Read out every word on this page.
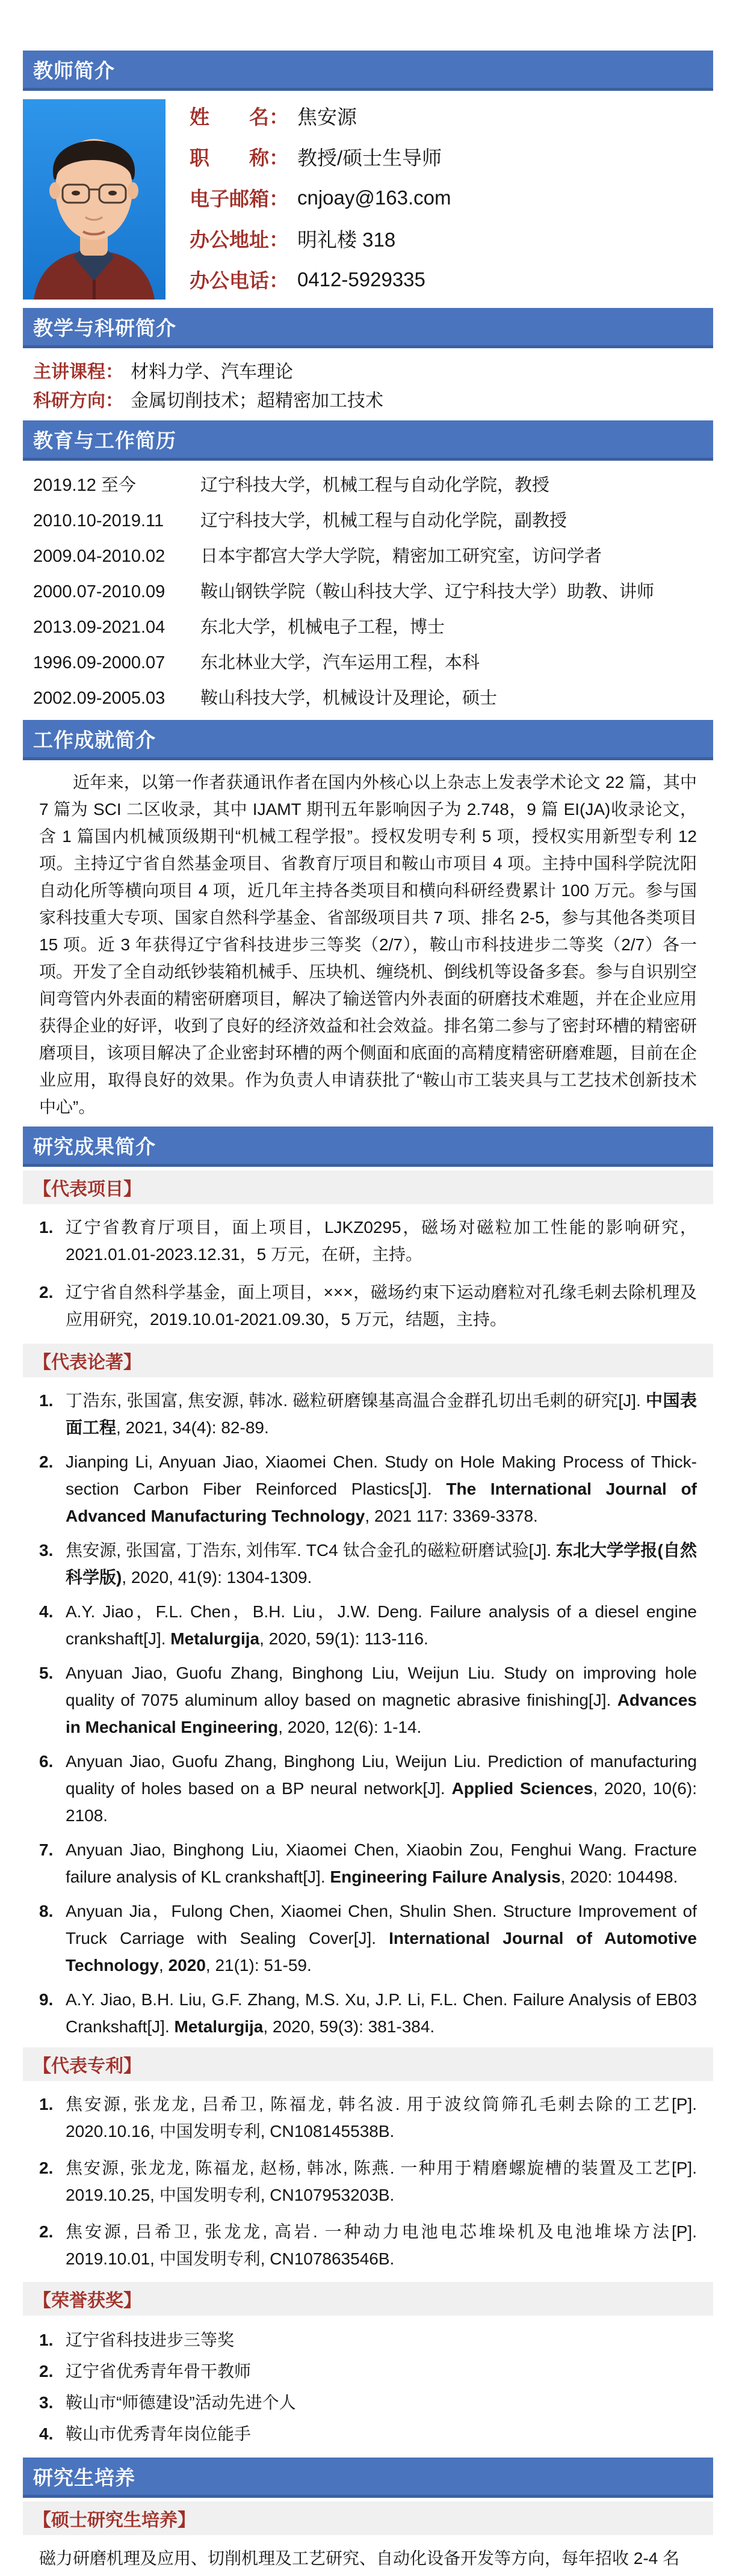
教师简介
姓　　名： 焦安源
职　　称： 教授/硕士生导师
电子邮箱： cnjoay@163.com
办公地址： 明礼楼 318
办公电话： 0412-5929335
教学与科研简介
主讲课程： 材料力学、汽车理论
科研方向： 金属切削技术；超精密加工技术
教育与工作简历
2019.12 至今	辽宁科技大学，机械工程与自动化学院，教授
2010.10-2019.11	辽宁科技大学，机械工程与自动化学院，副教授
2009.04-2010.02	日本宇都宫大学大学院，精密加工研究室，访问学者
2000.07-2010.09	鞍山钢铁学院（鞍山科技大学、辽宁科技大学）助教、讲师
2013.09-2021.04	东北大学，机械电子工程，博士
1996.09-2000.07	东北林业大学，汽车运用工程，本科
2002.09-2005.03	鞍山科技大学，机械设计及理论，硕士
工作成就简介

近年来，以第一作者获通讯作者在国内外核心以上杂志上发表学术论文 22 篇，其中 7 篇为 SCI 二区收录，其中 IJAMT 期刊五年影响因子为 2.748，9 篇 EI(JA)收录论文，含 1 篇国内机械顶级期刊“机械工程学报”。授权发明专利 5 项，授权实用新型专利 12 项。主持辽宁省自然基金项目、省教育厅项目和鞍山市项目 4 项。主持中国科学院沈阳自动化所等横向项目 4 项，近几年主持各类项目和横向科研经费累计 100 万元。参与国家科技重大专项、国家自然科学基金、省部级项目共 7 项、排名 2-5，参与其他各类项目 15 项。近 3 年获得辽宁省科技进步三等奖（2/7），鞍山市科技进步二等奖（2/7）各一项。开发了全自动纸钞装箱机械手、压块机、缠绕机、倒线机等设备多套。参与自识别空间弯管内外表面的精密研磨项目，解决了输送管内外表面的研磨技术难题，并在企业应用获得企业的好评，收到了良好的经济效益和社会效益。排名第二参与了密封环槽的精密研磨项目，该项目解决了企业密封环槽的两个侧面和底面的高精度精密研磨难题，目前在企业应用，取得良好的效果。作为负责人申请获批了“鞍山市工装夹具与工艺技术创新技术中心”。

研究成果简介
【代表项目】
1. 辽宁省教育厅项目，面上项目，LJKZ0295，磁场对磁粒加工性能的影响研究，2021.01.01-2023.12.31，5 万元，在研，主持。
2. 辽宁省自然科学基金，面上项目，×××，磁场约束下运动磨粒对孔缘毛刺去除机理及应用研究，2019.10.01-2021.09.30，5 万元，结题，主持。
【代表论著】
1. 丁浩东, 张国富, 焦安源, 韩冰. 磁粒研磨镍基高温合金群孔切出毛刺的研究[J]. 中国表面工程, 2021, 34(4): 82-89.
2. Jianping Li, Anyuan Jiao, Xiaomei Chen. Study on Hole Making Process of Thick-section Carbon Fiber Reinforced Plastics[J]. The International Journal of Advanced Manufacturing Technology, 2021 117: 3369-3378.
3. 焦安源, 张国富, 丁浩东, 刘伟军. TC4 钛合金孔的磁粒研磨试验[J]. 东北大学学报(自然科学版), 2020, 41(9): 1304-1309.
4. A.Y. Jiao，F.L. Chen，B.H. Liu，J.W. Deng. Failure analysis of a diesel engine crankshaft[J]. Metalurgija, 2020, 59(1): 113-116.
5. Anyuan Jiao, Guofu Zhang, Binghong Liu, Weijun Liu. Study on improving hole quality of 7075 aluminum alloy based on magnetic abrasive finishing[J]. Advances in Mechanical Engineering, 2020, 12(6): 1-14.
6. Anyuan Jiao, Guofu Zhang, Binghong Liu, Weijun Liu. Prediction of manufacturing quality of holes based on a BP neural network[J]. Applied Sciences, 2020, 10(6): 2108.
7. Anyuan Jiao, Binghong Liu, Xiaomei Chen, Xiaobin Zou, Fenghui Wang. Fracture failure analysis of KL crankshaft[J]. Engineering Failure Analysis, 2020: 104498.
8. Anyuan Jia，Fulong Chen, Xiaomei Chen, Shulin Shen. Structure Improvement of Truck Carriage with Sealing Cover[J]. International Journal of Automotive Technology, 2020, 21(1): 51-59.
9. A.Y. Jiao, B.H. Liu, G.F. Zhang, M.S. Xu, J.P. Li, F.L. Chen. Failure Analysis of EB03 Crankshaft[J]. Metalurgija, 2020, 59(3): 381-384.
【代表专利】
1. 焦安源, 张龙龙, 吕希卫, 陈福龙, 韩名波. 用于波纹筒筛孔毛刺去除的工艺[P]. 2020.10.16, 中国发明专利, CN108145538B.
2. 焦安源, 张龙龙, 陈福龙, 赵杨, 韩冰, 陈燕. 一种用于精磨螺旋槽的装置及工艺[P]. 2019.10.25, 中国发明专利, CN107953203B.
2. 焦安源, 吕希卫, 张龙龙, 高岩. 一种动力电池电芯堆垛机及电池堆垛方法[P]. 2019.10.01, 中国发明专利, CN107863546B.
【荣誉获奖】
1. 辽宁省科技进步三等奖
2. 辽宁省优秀青年骨干教师
3. 鞍山市“师德建设”活动先进个人
4. 鞍山市优秀青年岗位能手
研究生培养
【硕士研究生培养】

磁力研磨机理及应用、切削机理及工艺研究、自动化设备开发等方向，每年招收 2-4 名
